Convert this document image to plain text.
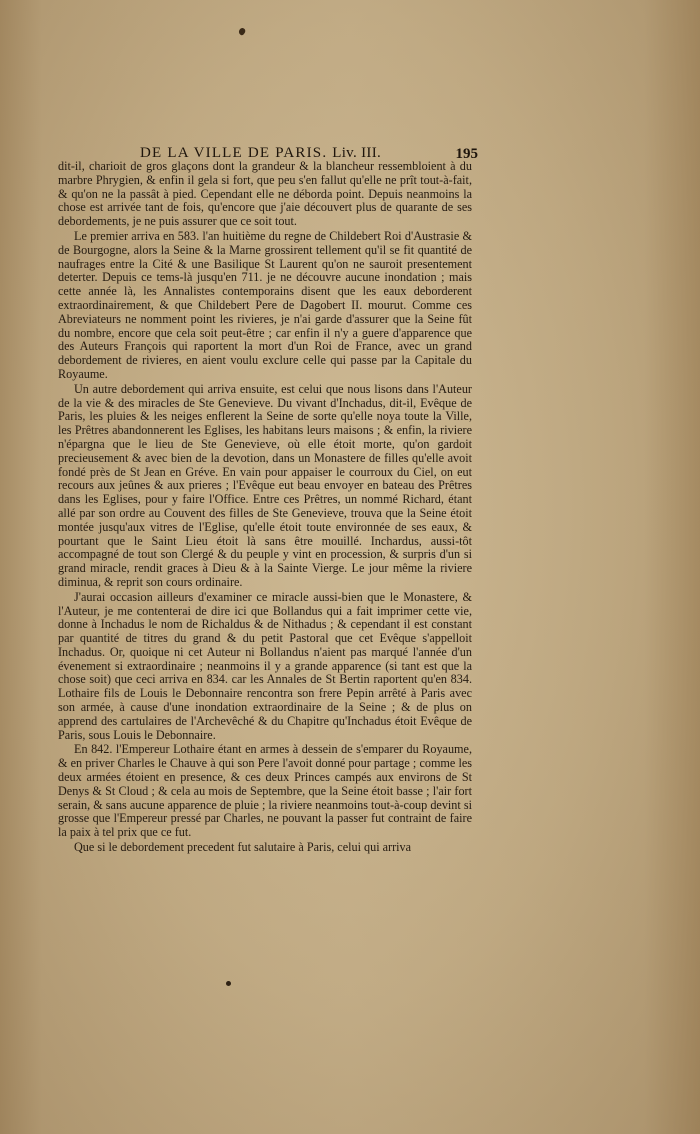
DE LA VILLE DE PARIS. Liv. III.	195

dit-il, charioit de gros glaçons dont la grandeur & la blancheur ressembloient à du marbre Phrygien, & enfin il gela si fort, que peu s'en fallut qu'elle ne prît tout-à-fait, & qu'on ne la passât à pied. Cependant elle ne déborda point. Depuis neanmoins la chose est arrivée tant de fois, qu'encore que j'aie découvert plus de quarante de ses debordements, je ne puis assurer que ce soit tout.

Le premier arriva en 583. l'an huitième du regne de Childebert Roi d'Austrasie & de Bourgogne, alors la Seine & la Marne grossirent tellement qu'il se fit quantité de naufrages entre la Cité & une Basilique St Laurent qu'on ne sauroit presentement deterter. Depuis ce tems-là jusqu'en 711. je ne découvre aucune inondation ; mais cette année là, les Annalistes contemporains disent que les eaux deborderent extraordinairement, & que Childebert Pere de Dagobert II. mourut. Comme ces Abreviateurs ne nomment point les rivieres, je n'ai garde d'assurer que la Seine fût du nombre, encore que cela soit peut-être ; car enfin il n'y a guere d'apparence que des Auteurs François qui raportent la mort d'un Roi de France, avec un grand debordement de rivieres, en aient voulu exclure celle qui passe par la Capitale du Royaume.

Un autre debordement qui arriva ensuite, est celui que nous lisons dans l'Auteur de la vie & des miracles de Ste Genevieve. Du vivant d'Inchadus, dit-il, Evêque de Paris, les pluies & les neiges enflerent la Seine de sorte qu'elle noya toute la Ville, les Prêtres abandonnerent les Eglises, les habitans leurs maisons ; & enfin, la riviere n'épargna que le lieu de Ste Genevieve, où elle étoit morte, qu'on gardoit precieusement & avec bien de la devotion, dans un Monastere de filles qu'elle avoit fondé près de St Jean en Gréve. En vain pour appaiser le courroux du Ciel, on eut recours aux jeûnes & aux prieres ; l'Evêque eut beau envoyer en bateau des Prêtres dans les Eglises, pour y faire l'Office. Entre ces Prêtres, un nommé Richard, étant allé par son ordre au Couvent des filles de Ste Genevieve, trouva que la Seine étoit montée jusqu'aux vitres de l'Eglise, qu'elle étoit toute environnée de ses eaux, & pourtant que le Saint Lieu étoit là sans être mouillé. Inchardus, aussi-tôt accompagné de tout son Clergé & du peuple y vint en procession, & surpris d'un si grand miracle, rendit graces à Dieu & à la Sainte Vierge. Le jour même la riviere diminua, & reprit son cours ordinaire.

J'aurai occasion ailleurs d'examiner ce miracle aussi-bien que le Monastere, & l'Auteur, je me contenterai de dire ici que Bollandus qui a fait imprimer cette vie, donne à Inchadus le nom de Richaldus & de Nithadus ; & cependant il est constant par quantité de titres du grand & du petit Pastoral que cet Evêque s'appelloit Inchadus. Or, quoique ni cet Auteur ni Bollandus n'aient pas marqué l'année d'un évenement si extraordinaire ; neanmoins il y a grande apparence (si tant est que la chose soit) que ceci arriva en 834. car les Annales de St Bertin raportent qu'en 834. Lothaire fils de Louis le Debonnaire rencontra son frere Pepin arrêté à Paris avec son armée, à cause d'une inondation extraordinaire de la Seine ; & de plus on apprend des cartulaires de l'Archevêché & du Chapitre qu'Inchadus étoit Evêque de Paris, sous Louis le Debonnaire.

En 842. l'Empereur Lothaire étant en armes à dessein de s'emparer du Royaume, & en priver Charles le Chauve à qui son Pere l'avoit donné pour partage ; comme les deux armées étoient en presence, & ces deux Princes campés aux environs de St Denys & St Cloud ; & cela au mois de Septembre, que la Seine étoit basse ; l'air fort serain, & sans aucune apparence de pluie ; la riviere neanmoins tout-à-coup devint si grosse que l'Empereur pressé par Charles, ne pouvant la passer fut contraint de faire la paix à tel prix que ce fut.

Que si le debordement precedent fut salutaire à Paris, celui qui arriva
